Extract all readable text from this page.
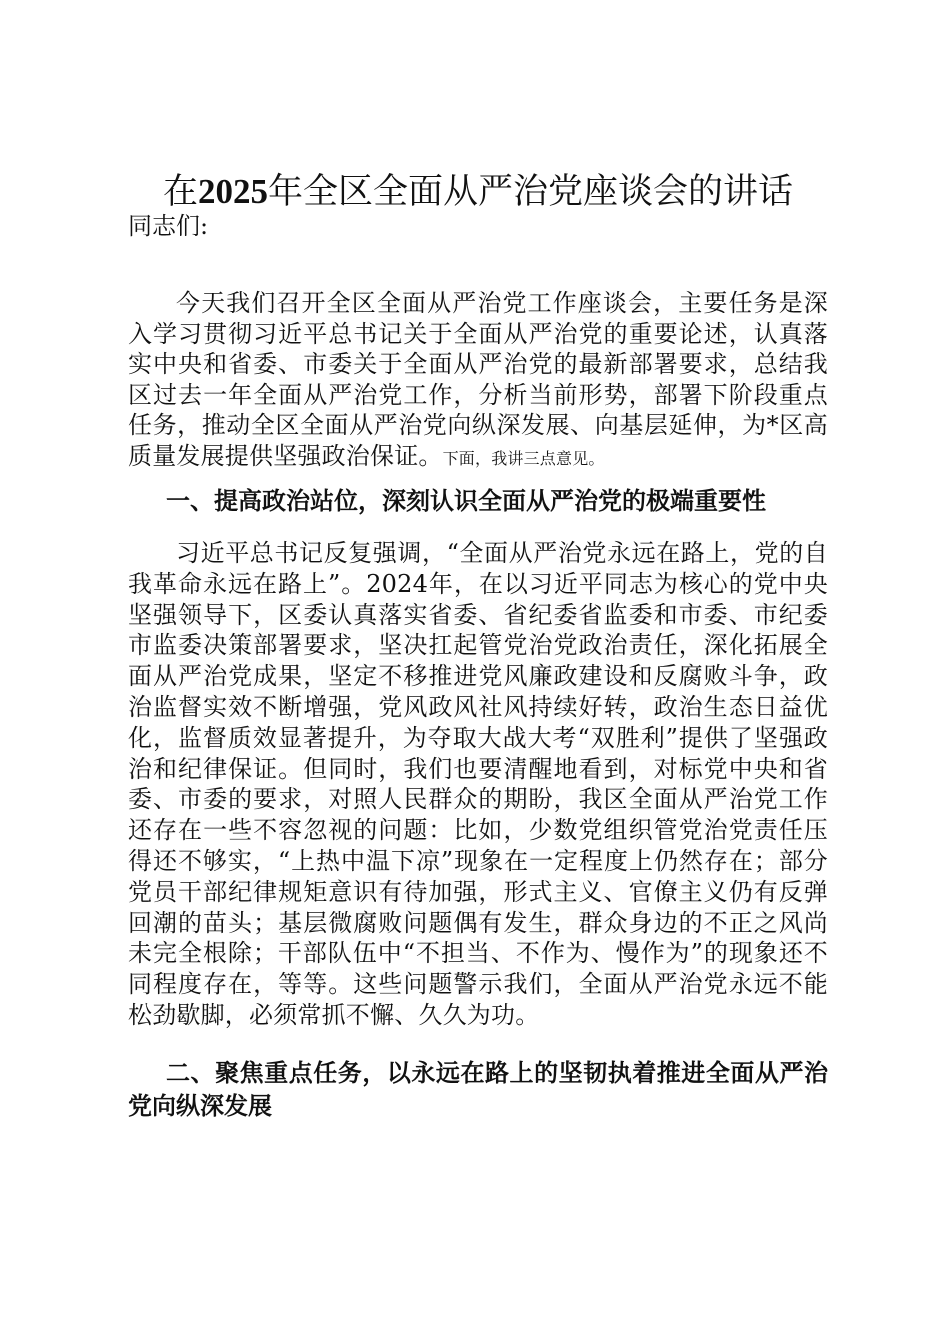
在2025年全区全面从严治党座谈会的讲话

同志们:

今天我们召开全区全面从严治党工作座谈会，主要任务是深入学习贯彻习近平总书记关于全面从严治党的重要论述，认真落实中央和省委、市委关于全面从严治党的最新部署要求，总结我区过去一年全面从严治党工作，分析当前形势，部署下阶段重点任务，推动全区全面从严治党向纵深发展、向基层延伸，为*区高质量发展提供坚强政治保证。下面，我讲三点意见。

一、提高政治站位，深刻认识全面从严治党的极端重要性

习近平总书记反复强调，“全面从严治党永远在路上，党的自我革命永远在路上”。2024年，在以习近平同志为核心的党中央坚强领导下，区委认真落实省委、省纪委省监委和市委、市纪委市监委决策部署要求，坚决扛起管党治党政治责任，深化拓展全面从严治党成果，坚定不移推进党风廉政建设和反腐败斗争，政治监督实效不断增强，党风政风社风持续好转，政治生态日益优化，监督质效显著提升，为夺取大战大考“双胜利”提供了坚强政治和纪律保证。但同时，我们也要清醒地看到，对标党中央和省委、市委的要求，对照人民群众的期盼，我区全面从严治党工作还存在一些不容忽视的问题：比如，少数党组织管党治党责任压得还不够实，“上热中温下凉”现象在一定程度上仍然存在；部分党员干部纪律规矩意识有待加强，形式主义、官僚主义仍有反弹回潮的苗头；基层微腐败问题偶有发生，群众身边的不正之风尚未完全根除；干部队伍中“不担当、不作为、慢作为”的现象还不同程度存在，等等。这些问题警示我们，全面从严治党永远不能松劲歇脚，必须常抓不懈、久久为功。

二、聚焦重点任务，以永远在路上的坚韧执着推进全面从严治党向纵深发展
